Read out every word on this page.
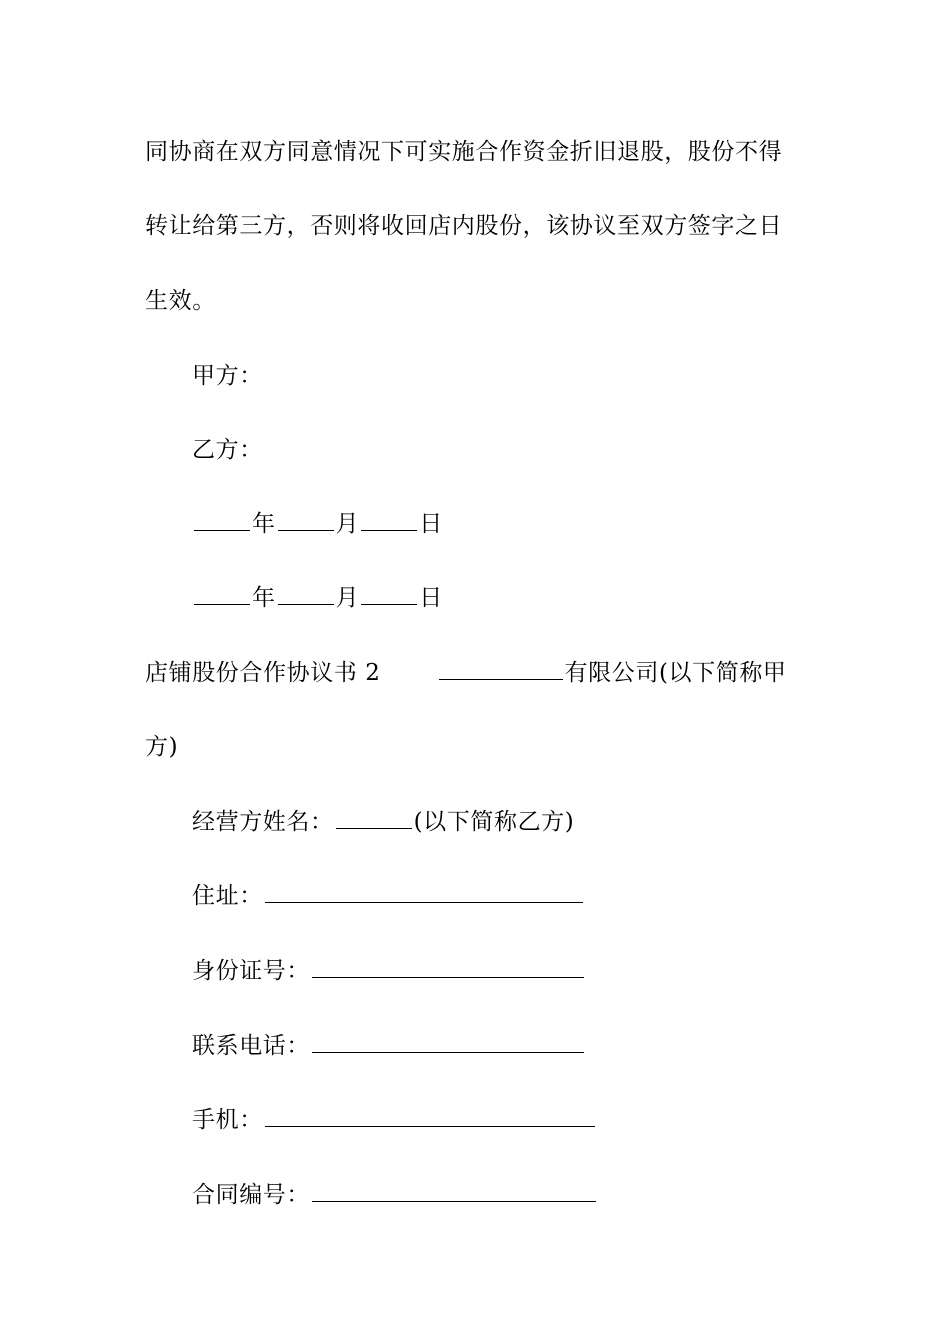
同协商在双方同意情况下可实施合作资金折旧退股，股份不得
转让给第三方，否则将收回店内股份，该协议至双方签字之日
生效。
甲方：
乙方：
年	月	日
年	月	日
店铺股份合作协议书 2	有限公司(以下简称甲
方)
经营方姓名：	(以下简称乙方)
住址：
身份证号：
联系电话：
手机：
合同编号：
